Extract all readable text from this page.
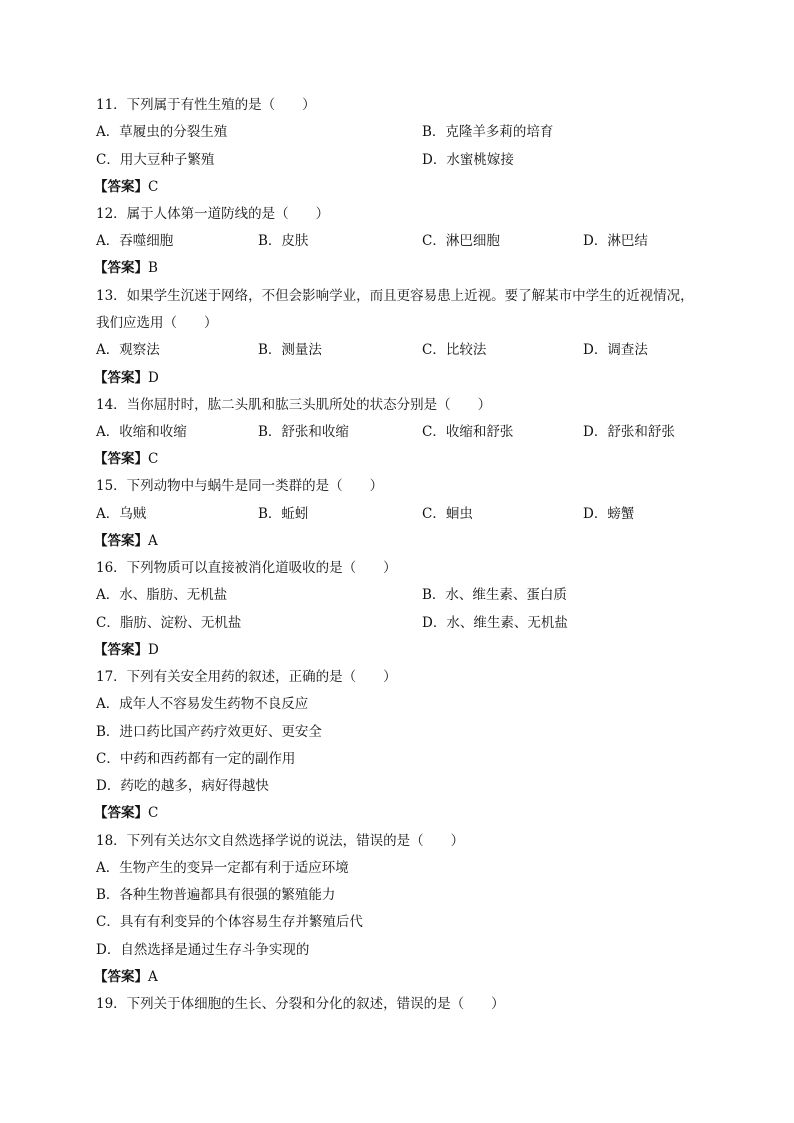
11．下列属于有性生殖的是（　　）
A．草履虫的分裂生殖	B．克隆羊多莉的培育
C．用大豆种子繁殖	D．水蜜桃嫁接
【答案】C
12．属于人体第一道防线的是（　　）
A．吞噬细胞	B．皮肤	C．淋巴细胞	D．淋巴结
【答案】B
13．如果学生沉迷于网络，不但会影响学业，而且更容易患上近视。要了解某市中学生的近视情况，
我们应选用（　　）
A．观察法	B．测量法	C．比较法	D．调查法
【答案】D
14．当你屈肘时，肱二头肌和肱三头肌所处的状态分别是（　　）
A．收缩和收缩	B．舒张和收缩	C．收缩和舒张	D．舒张和舒张
【答案】C
15．下列动物中与蜗牛是同一类群的是（　　）
A．乌贼	B．蚯蚓	C．蛔虫	D．螃蟹
【答案】A
16．下列物质可以直接被消化道吸收的是（　　）
A．水、脂肪、无机盐	B．水、维生素、蛋白质
C．脂肪、淀粉、无机盐	D．水、维生素、无机盐
【答案】D
17．下列有关安全用药的叙述，正确的是（　　）
A．成年人不容易发生药物不良反应
B．进口药比国产药疗效更好、更安全
C．中药和西药都有一定的副作用
D．药吃的越多，病好得越快
【答案】C
18．下列有关达尔文自然选择学说的说法，错误的是（　　）
A．生物产生的变异一定都有利于适应环境
B．各种生物普遍都具有很强的繁殖能力
C．具有有利变异的个体容易生存并繁殖后代
D．自然选择是通过生存斗争实现的
【答案】A
19．下列关于体细胞的生长、分裂和分化的叙述，错误的是（　　）
